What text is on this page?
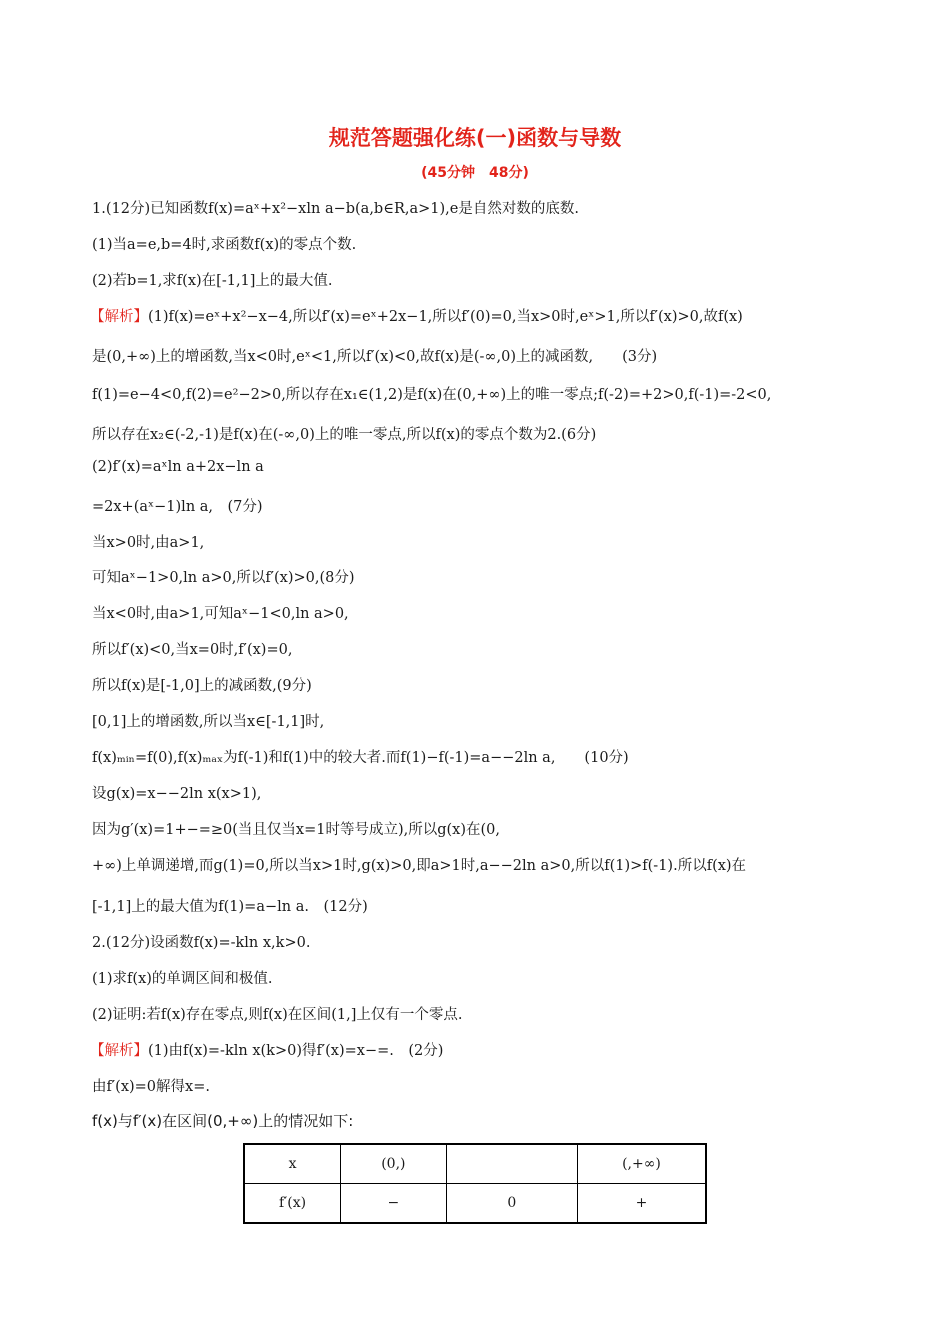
规范答题强化练(一)函数与导数
(45分钟　48分)
1.(12分)已知函数f(x)=aˣ+x²−xln a−b(a,b∈R,a>1),e是自然对数的底数.
(1)当a=e,b=4时,求函数f(x)的零点个数.
(2)若b=1,求f(x)在[-1,1]上的最大值.
【解析】(1)f(x)=eˣ+x²−x−4,所以f′(x)=eˣ+2x−1,所以f′(0)=0,当x>0时,eˣ>1,所以f′(x)>0,故f(x)
是(0,+∞)上的增函数,当x<0时,eˣ<1,所以f′(x)<0,故f(x)是(-∞,0)上的减函数,　　(3分)
f(1)=e−4<0,f(2)=e²−2>0,所以存在x₁∈(1,2)是f(x)在(0,+∞)上的唯一零点;f(-2)=+2>0,f(-1)=-2<0,
所以存在x₂∈(-2,-1)是f(x)在(-∞,0)上的唯一零点,所以f(x)的零点个数为2.(6分)
(2)f′(x)=aˣln a+2x−ln a
=2x+(aˣ−1)ln a,　(7分)
当x>0时,由a>1,
可知aˣ−1>0,ln a>0,所以f′(x)>0,(8分)
当x<0时,由a>1,可知aˣ−1<0,ln a>0,
所以f′(x)<0,当x=0时,f′(x)=0,
所以f(x)是[-1,0]上的减函数,(9分)
[0,1]上的增函数,所以当x∈[-1,1]时,
f(x)ₘᵢₙ=f(0),f(x)ₘₐₓ为f(-1)和f(1)中的较大者.而f(1)−f(-1)=a−−2ln a,　　(10分)
设g(x)=x−−2ln x(x>1),
因为g′(x)=1+−=≥0(当且仅当x=1时等号成立),所以g(x)在(0,
+∞)上单调递增,而g(1)=0,所以当x>1时,g(x)>0,即a>1时,a−−2ln a>0,所以f(1)>f(-1).所以f(x)在
[-1,1]上的最大值为f(1)=a−ln a.　(12分)
2.(12分)设函数f(x)=-kln x,k>0.
(1)求f(x)的单调区间和极值.
(2)证明:若f(x)存在零点,则f(x)在区间(1,]上仅有一个零点.
【解析】(1)由f(x)=-kln x(k>0)得f′(x)=x−=.　(2分)
由f′(x)=0解得x=.
f(x)与f′(x)在区间(0,+∞)上的情况如下:
x	(0,)		(,+∞)
f′(x)	−	0	+
